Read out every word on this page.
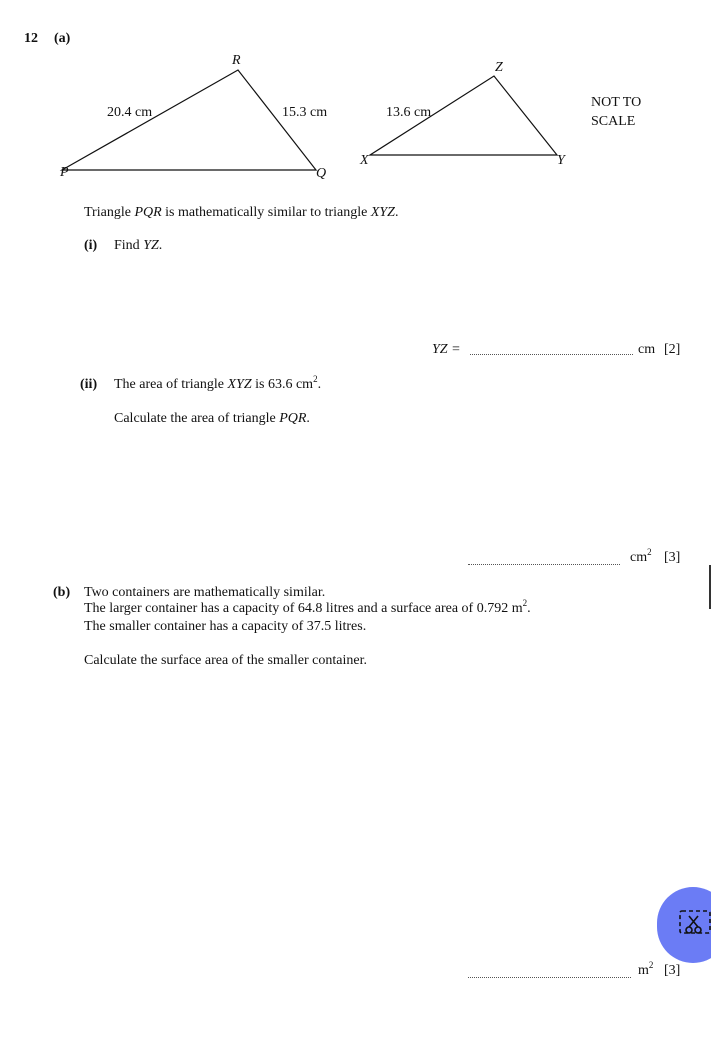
12 (a)
R
P	Q
20.4 cm	15.3 cm
Z
X	Y
13.6 cm
NOT TO
SCALE
Triangle PQR is mathematically similar to triangle XYZ.
(i) Find YZ.
YZ =	cm [2]
(ii) The area of triangle XYZ is 63.6 $cm^2$.
Calculate the area of triangle PQR.
$cm^2$ [3]
(b) Two containers are mathematically similar.
The larger container has a capacity of 64.8 litres and a surface area of 0.792 $m^2$.
The smaller container has a capacity of 37.5 litres.
Calculate the surface area of the smaller container.
$m^2$ [3]
